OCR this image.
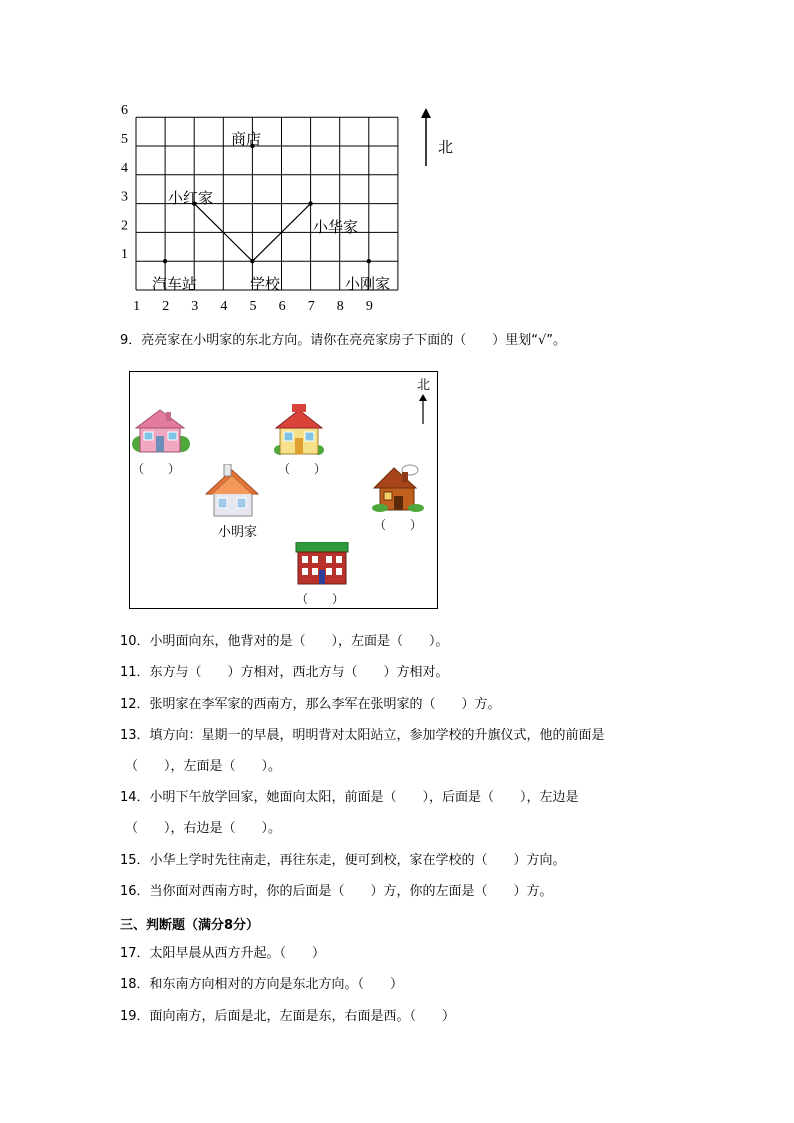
1
2
3
4
5
6
1 2 3 4 5 6 7 8 9
商店
小红家
小华家
汽车站	学校	小刚家
北
9．亮亮家在小明家的东北方向。请你在亮亮家房子下面的（　　）里划“√”。
北
（　　）	（　　）
小明家	（　　）
（　　）
10．小明面向东，他背对的是（　　），左面是（　　）。
11．东方与（　　）方相对，西北方与（　　）方相对。
12．张明家在李军家的西南方，那么李军在张明家的（　　）方。
13．填方向：星期一的早晨，明明背对太阳站立，参加学校的升旗仪式，他的前面是
（　　），左面是（　　）。
14．小明下午放学回家，她面向太阳，前面是（　　），后面是（　　），左边是
（　　），右边是（　　）。
15．小华上学时先往南走，再往东走，便可到校，家在学校的（　　）方向。
16．当你面对西南方时，你的后面是（　　）方，你的左面是（　　）方。
三、判断题（满分8分）
17．太阳早晨从西方升起。（　　）
18．和东南方向相对的方向是东北方向。（　　）
19．面向南方，后面是北，左面是东，右面是西。（　　）
